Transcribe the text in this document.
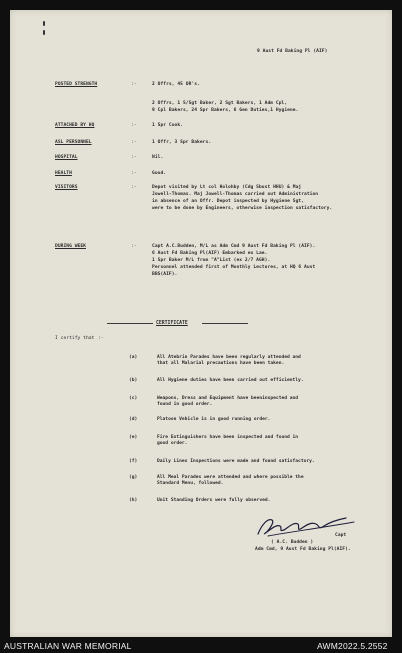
9 Aust Fd Baking Pl (AIF)
POSTED STRENGTH	:-	2 Offrs, 45 OR's.
2 Offrs, 1 S/Sgt Baker, 2 Sgt Bakers, 1 Adm Cpl,
9 Cpl Bakers, 24 Spr Bakers, 6 Gen Duties,1 Hygiene.
ATTACHED BY HQ	:-	1 Spr Cook.
ASL PERSONNEL	:-	1 Offr, 3 Spr Bakers.
HOSPITAL	:-	Nil.
HEALTH	:-	Good.
VISITORS	:-	Depot visited by Lt col Holohby (Cdg Sbust HHU) & Maj
Jowell-Thomas. Maj Jowell-Thomas carried out Administration
in absence of an Offr. Depot inspected by Hygiene Sgt,
were to be done by Engineers, otherwise inspection satisfactory.
DURING WEEK	:-	Capt A.C.Budden, M/L as Adm Cmd 9 Aust Fd Baking Pl (AIF).
6 Aust Fd Baking Pl(AIF) Embarked ex Lae.
1 Spr Baker M/L from "A"List (ex 2/7 AGH).
Personnel attended first of Monthly Lectures, at HQ 6 Aust
BBS(AIF).
CERTIFICATE
I certify that :-
(a)	All Atebrin Parades have been regularly attended and
that all Malarial precautions have been taken.
(b)	All Hygiene duties have been carried out efficiently.
(c)	Weapons, Dress and Equipment have beeninspected and
found in good order.
(d)	Platoon Vehicle is in good running order.
(e)	Fire Extinguishers have been inspected and found in
good order.
(f)	Daily Lines Inspections were made and found satisfactory.
(g)	All Meal Parades were attended and where possible the
Standard Menu, followed.
(h)	Unit Standing Orders were fully observed.
Capt
( A.C. Budden )
Adm Cmd, 9 Aust Fd Baking Pl(AIF).
AUSTRALIAN WAR MEMORIAL	AWM2022.5.2552
